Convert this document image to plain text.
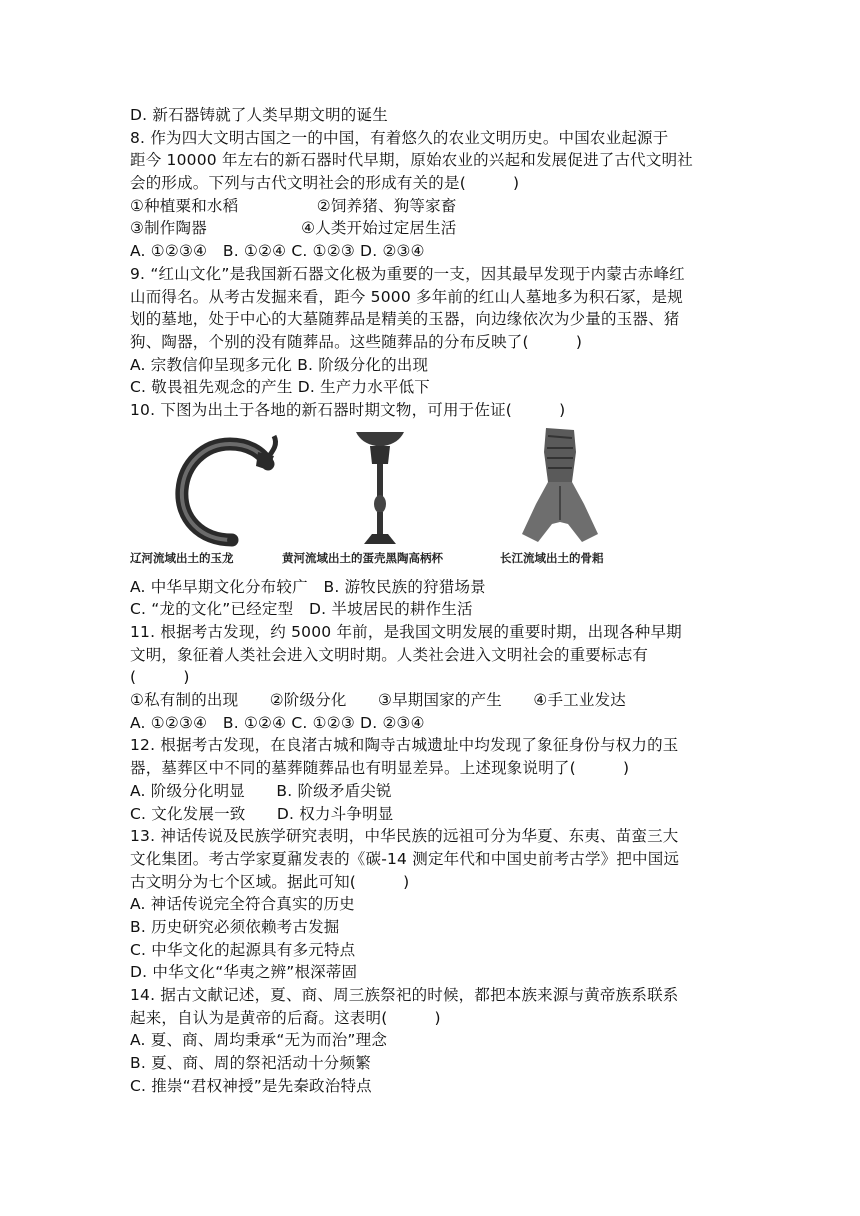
D. 新石器铸就了人类早期文明的诞生
8. 作为四大文明古国之一的中国，有着悠久的农业文明历史。中国农业起源于
距今 10000 年左右的新石器时代早期，原始农业的兴起和发展促进了古代文明社
会的形成。下列与古代文明社会的形成有关的是(　　　)
①种植粟和水稻　　　　　②饲养猪、狗等家畜
③制作陶器　　　　　　④人类开始过定居生活
A. ①②③④　B. ①②④ C. ①②③ D. ②③④
9. “红山文化”是我国新石器文化极为重要的一支，因其最早发现于内蒙古赤峰红
山而得名。从考古发掘来看，距今 5000 多年前的红山人墓地多为积石冢，是规
划的墓地，处于中心的大墓随葬品是精美的玉器，向边缘依次为少量的玉器、猪
狗、陶器，个别的没有随葬品。这些随葬品的分布反映了(　　　)
A. 宗教信仰呈现多元化 B. 阶级分化的出现
C. 敬畏祖先观念的产生 D. 生产力水平低下
10. 下图为出土于各地的新石器时期文物，可用于佐证(　　　)
辽河流域出土的玉龙	黄河流域出土的蛋壳黑陶高柄杯	长江流域出土的骨耜
A. 中华早期文化分布较广　B. 游牧民族的狩猎场景
C. “龙的文化”已经定型　D. 半坡居民的耕作生活
11. 根据考古发现，约 5000 年前，是我国文明发展的重要时期，出现各种早期
文明，象征着人类社会进入文明时期。人类社会进入文明社会的重要标志有
(　　　)
①私有制的出现　　②阶级分化　　③早期国家的产生　　④手工业发达
A. ①②③④　B. ①②④ C. ①②③ D. ②③④
12. 根据考古发现，在良渚古城和陶寺古城遗址中均发现了象征身份与权力的玉
器，墓葬区中不同的墓葬随葬品也有明显差异。上述现象说明了(　　　)
A. 阶级分化明显　　B. 阶级矛盾尖锐
C. 文化发展一致　　D. 权力斗争明显
13. 神话传说及民族学研究表明，中华民族的远祖可分为华夏、东夷、苗蛮三大
文化集团。考古学家夏鼐发表的《碳-14 测定年代和中国史前考古学》把中国远
古文明分为七个区域。据此可知(　　　)
A. 神话传说完全符合真实的历史
B. 历史研究必须依赖考古发掘
C. 中华文化的起源具有多元特点
D. 中华文化“华夷之辨”根深蒂固
14. 据古文献记述，夏、商、周三族祭祀的时候，都把本族来源与黄帝族系联系
起来，自认为是黄帝的后裔。这表明(　　　)
A. 夏、商、周均秉承“无为而治”理念
B. 夏、商、周的祭祀活动十分频繁
C. 推崇“君权神授”是先秦政治特点
